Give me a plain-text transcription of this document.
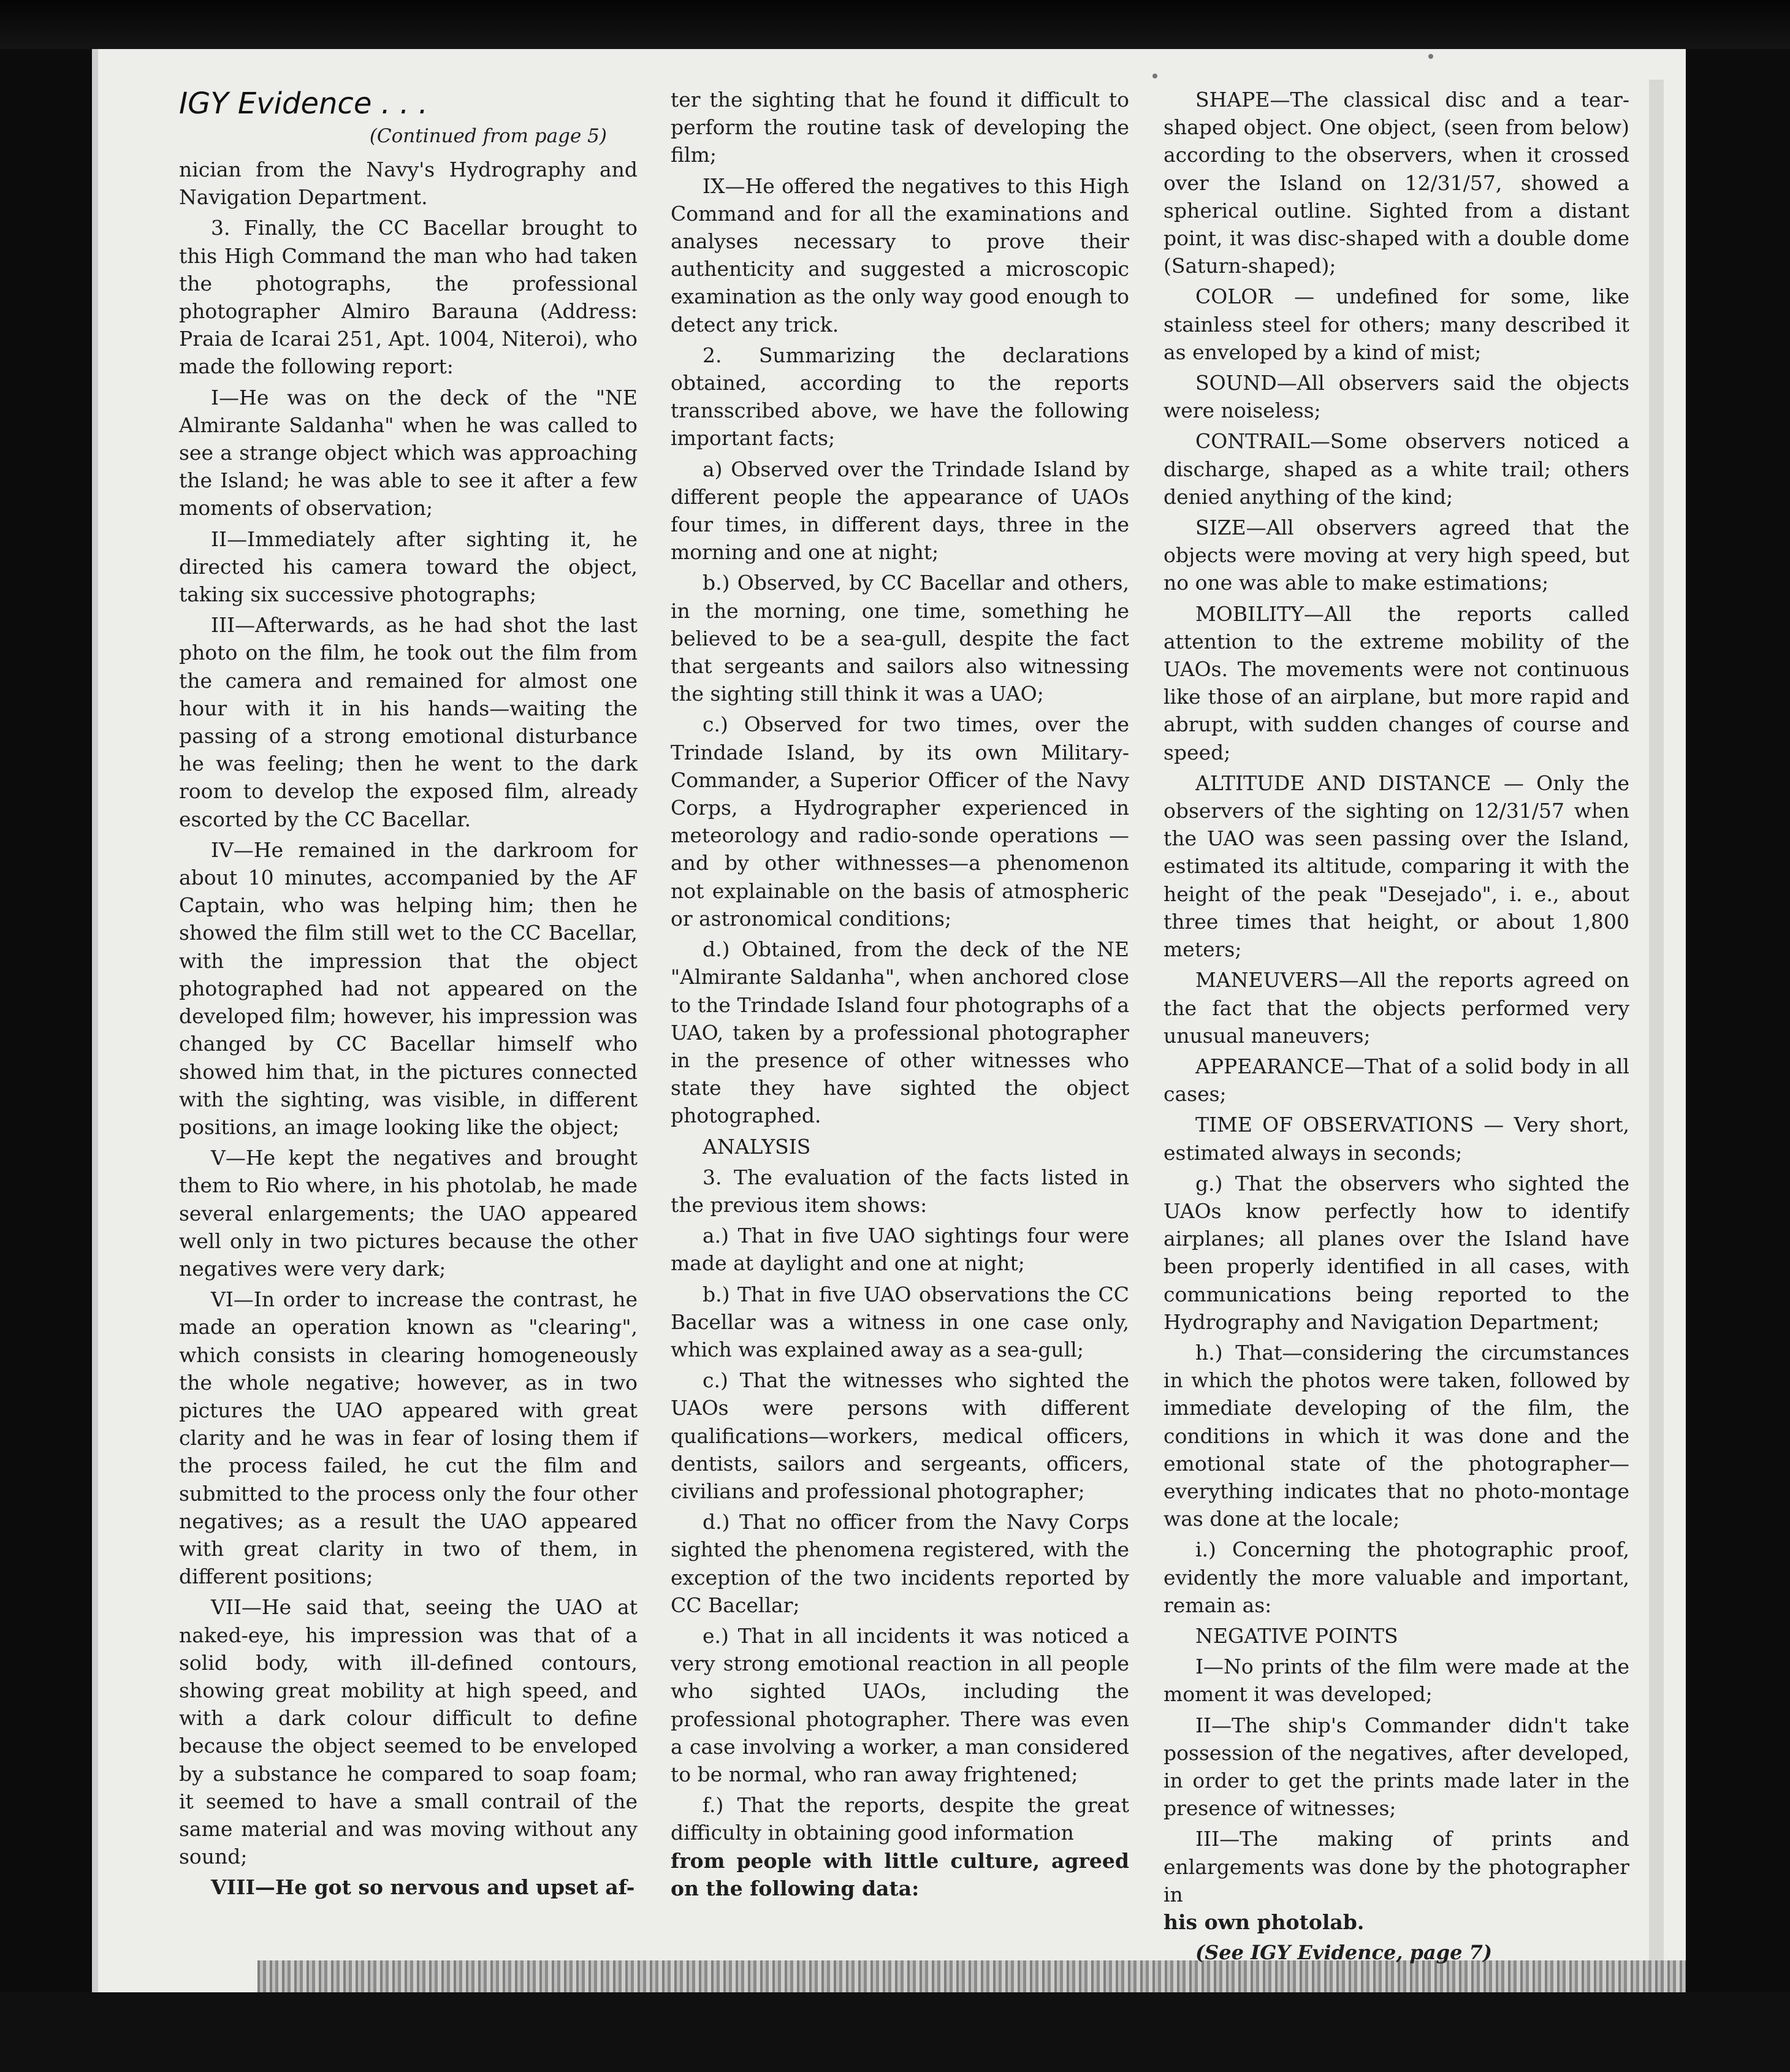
IGY Evidence . . .
(Continued from page 5)

nician from the Navy's Hydrography and Navigation Department.

3. Finally, the CC Bacellar brought to this High Command the man who had taken the photographs, the professional photographer Almiro Barauna (Address: Praia de Icarai 251, Apt. 1004, Niteroi), who made the following report:

I—He was on the deck of the "NE Almirante Saldanha" when he was called to see a strange object which was approaching the Island; he was able to see it after a few moments of observation;

II—Immediately after sighting it, he directed his camera toward the object, taking six successive photographs;

III—Afterwards, as he had shot the last photo on the film, he took out the film from the camera and remained for almost one hour with it in his hands—waiting the passing of a strong emotional disturbance he was feeling; then he went to the dark room to develop the exposed film, already escorted by the CC Bacellar.

IV—He remained in the darkroom for about 10 minutes, accompanied by the AF Captain, who was helping him; then he showed the film still wet to the CC Bacellar, with the impression that the object photographed had not appeared on the developed film; however, his impression was changed by CC Bacellar himself who showed him that, in the pictures connected with the sighting, was visible, in different positions, an image looking like the object;

V—He kept the negatives and brought them to Rio where, in his photolab, he made several enlargements; the UAO appeared well only in two pictures because the other negatives were very dark;

VI—In order to increase the contrast, he made an operation known as "clearing", which consists in clearing homogeneously the whole negative; however, as in two pictures the UAO appeared with great clarity and he was in fear of losing them if the process failed, he cut the film and submitted to the process only the four other negatives; as a result the UAO appeared with great clarity in two of them, in different positions;

VII—He said that, seeing the UAO at naked-eye, his impression was that of a solid body, with ill-defined contours, showing great mobility at high speed, and with a dark colour difficult to define because the object seemed to be enveloped by a substance he compared to soap foam; it seemed to have a small contrail of the same material and was moving without any sound;

VIII—He got so nervous and upset af-

ter the sighting that he found it difficult to perform the routine task of developing the film;

IX—He offered the negatives to this High Command and for all the examinations and analyses necessary to prove their authenticity and suggested a microscopic examination as the only way good enough to detect any trick.

2. Summarizing the declarations obtained, according to the reports transscribed above, we have the following important facts;

a) Observed over the Trindade Island by different people the appearance of UAOs four times, in different days, three in the morning and one at night;

b.) Observed, by CC Bacellar and others, in the morning, one time, something he believed to be a sea-gull, despite the fact that sergeants and sailors also witnessing the sighting still think it was a UAO;

c.) Observed for two times, over the Trindade Island, by its own Military-Commander, a Superior Officer of the Navy Corps, a Hydrographer experienced in meteorology and radio-sonde operations —and by other withnesses—a phenomenon not explainable on the basis of atmospheric or astronomical conditions;

d.) Obtained, from the deck of the NE "Almirante Saldanha", when anchored close to the Trindade Island four photographs of a UAO, taken by a professional photographer in the presence of other witnesses who state they have sighted the object photographed.

ANALYSIS

3. The evaluation of the facts listed in the previous item shows:

a.) That in five UAO sightings four were made at daylight and one at night;

b.) That in five UAO observations the CC Bacellar was a witness in one case only, which was explained away as a sea-gull;

c.) That the witnesses who sighted the UAOs were persons with different qualifications—workers, medical officers, dentists, sailors and sergeants, officers, civilians and professional photographer;

d.) That no officer from the Navy Corps sighted the phenomena registered, with the exception of the two incidents reported by CC Bacellar;

e.) That in all incidents it was noticed a very strong emotional reaction in all people who sighted UAOs, including the professional photographer. There was even a case involving a worker, a man considered to be normal, who ran away frightened;

f.) That the reports, despite the great difficulty in obtaining good information

from people with little culture, agreed on the following data:

SHAPE—The classical disc and a tear-shaped object. One object, (seen from below) according to the observers, when it crossed over the Island on 12/31/57, showed a spherical outline. Sighted from a distant point, it was disc-shaped with a double dome (Saturn-shaped);

COLOR — undefined for some, like stainless steel for others; many described it as enveloped by a kind of mist;

SOUND—All observers said the objects were noiseless;

CONTRAIL—Some observers noticed a discharge, shaped as a white trail; others denied anything of the kind;

SIZE—All observers agreed that the objects were moving at very high speed, but no one was able to make estimations;

MOBILITY—All the reports called attention to the extreme mobility of the UAOs. The movements were not continuous like those of an airplane, but more rapid and abrupt, with sudden changes of course and speed;

ALTITUDE AND DISTANCE — Only the observers of the sighting on 12/31/57 when the UAO was seen passing over the Island, estimated its altitude, comparing it with the height of the peak "Desejado", i. e., about three times that height, or about 1,800 meters;

MANEUVERS—All the reports agreed on the fact that the objects performed very unusual maneuvers;

APPEARANCE—That of a solid body in all cases;

TIME OF OBSERVATIONS — Very short, estimated always in seconds;

g.) That the observers who sighted the UAOs know perfectly how to identify airplanes; all planes over the Island have been properly identified in all cases, with communications being reported to the Hydrography and Navigation Department;

h.) That—considering the circumstances in which the photos were taken, followed by immediate developing of the film, the conditions in which it was done and the emotional state of the photographer—everything indicates that no photo-montage was done at the locale;

i.) Concerning the photographic proof, evidently the more valuable and important, remain as:

NEGATIVE POINTS

I—No prints of the film were made at the moment it was developed;

II—The ship's Commander didn't take possession of the negatives, after developed, in order to get the prints made later in the presence of witnesses;

III—The making of prints and enlargements was done by the photographer in

his own photolab.

(See IGY Evidence, page 7)
